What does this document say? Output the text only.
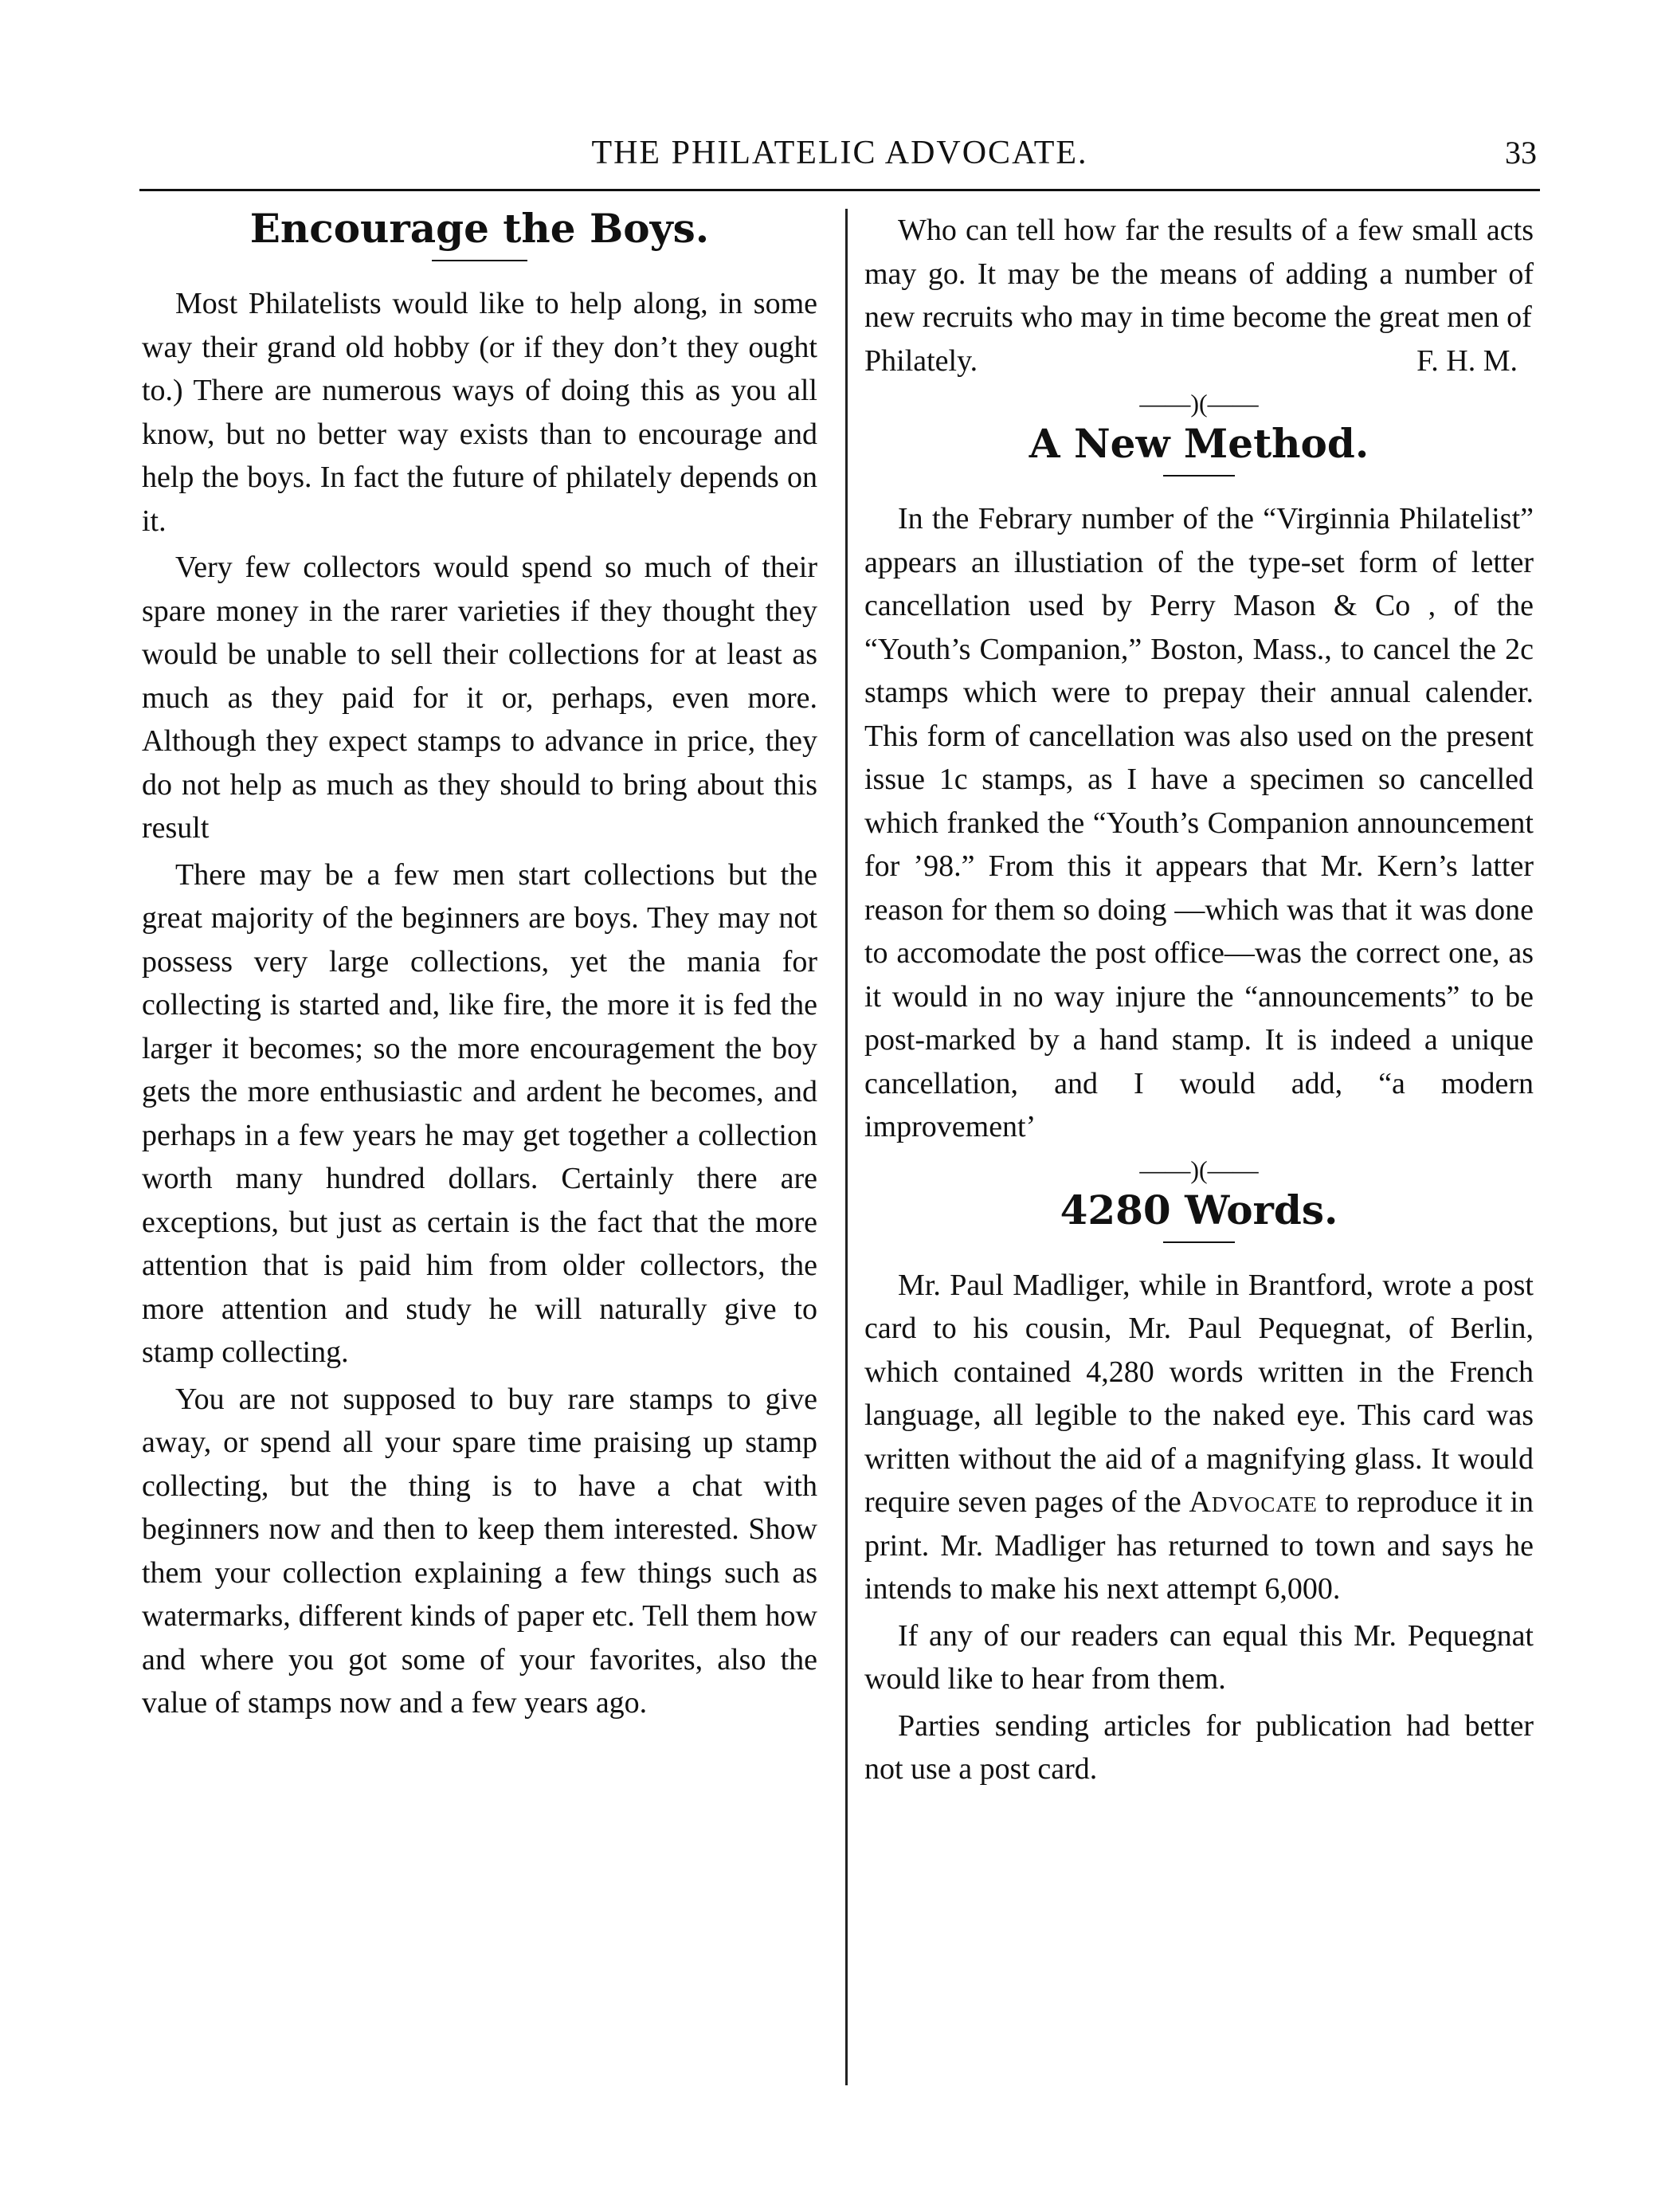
THE PHILATELIC ADVOCATE.	33
Encourage the Boys.

Most Philatelists would like to help along, in some way their grand old hobby (or if they don’t they ought to.) There are numerous ways of doing this as you all know, but no better way exists than to encourage and help the boys. In fact the future of philately depends on it.

Very few collectors would spend so much of their spare money in the rarer varieties if they thought they would be unable to sell their collections for at least as much as they paid for it or, perhaps, even more. Although they expect stamps to advance in price, they do not help as much as they should to bring about this result

There may be a few men start collections but the great majority of the beginners are boys. They may not possess very large collections, yet the mania for collecting is started and, like fire, the more it is fed the larger it becomes; so the more encouragement the boy gets the more enthusiastic and ardent he becomes, and perhaps in a few years he may get together a collection worth many hundred dollars. Certainly there are exceptions, but just as certain is the fact that the more attention that is paid him from older collectors, the more attention and study he will naturally give to stamp collecting.

You are not supposed to buy rare stamps to give away, or spend all your spare time praising up stamp collecting, but the thing is to have a chat with beginners now and then to keep them interested. Show them your collection explaining a few things such as watermarks, different kinds of paper etc. Tell them how and where you got some of your favorites, also the value of stamps now and a few years ago.

Who can tell how far the results of a few small acts may go. It may be the means of adding a number of new recruits who may in time become the great men of

Philately.	F. H. M.
——)(——
A New Method.

In the Febrary number of the “Virginnia Philatelist” appears an illustiation of the type-set form of letter cancellation used by Perry Mason & Co , of the “Youth’s Companion,” Boston, Mass., to cancel the 2c stamps which were to prepay their annual calender. This form of cancellation was also used on the present issue 1c stamps, as I have a specimen so cancelled which franked the “Youth’s Companion announcement for ’98.” From this it appears that Mr. Kern’s latter reason for them so doing —which was that it was done to accomodate the post office—was the correct one, as it would in no way injure the “announcements” to be post-marked by a hand stamp. It is indeed a unique cancellation, and I would add, “a modern improvement’

——)(——
4280 Words.

Mr. Paul Madliger, while in Brantford, wrote a post card to his cousin, Mr. Paul Pequegnat, of Berlin, which contained 4,280 words written in the French language, all legible to the naked eye. This card was written without the aid of a magnifying glass. It would require seven pages of the Advocate to reproduce it in print. Mr. Madliger has returned to town and says he intends to make his next attempt 6,000.

If any of our readers can equal this Mr. Pequegnat would like to hear from them.

Parties sending articles for publication had better not use a post card.
